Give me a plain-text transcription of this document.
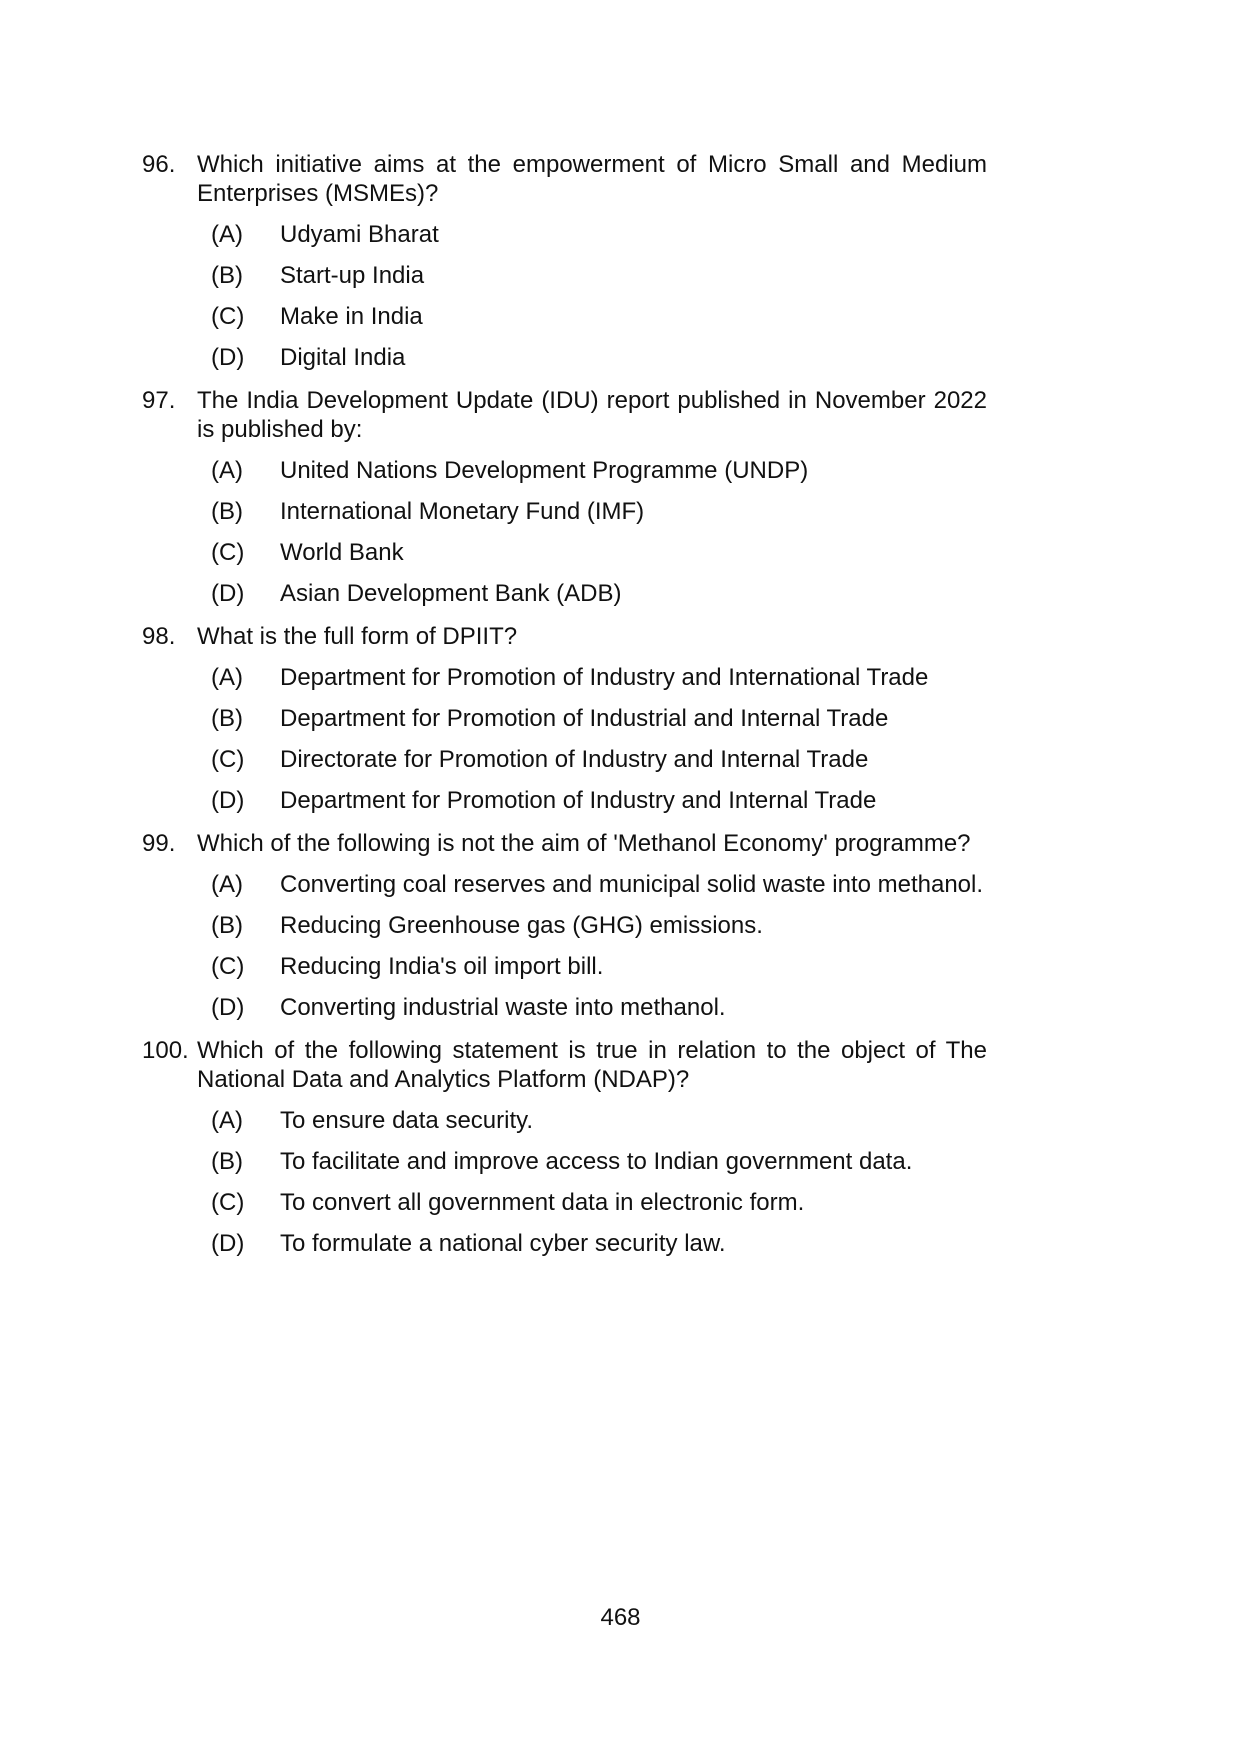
96. Which initiative aims at the empowerment of Micro Small and Medium Enterprises (MSMEs)?
(A)	Udyami Bharat
(B)	Start-up India
(C)	Make in India
(D)	Digital India
97. The India Development Update (IDU) report published in November 2022 is published by:
(A)	United Nations Development Programme (UNDP)
(B)	International Monetary Fund (IMF)
(C)	World Bank
(D)	Asian Development Bank (ADB)
98. What is the full form of DPIIT?
(A)	Department for Promotion of Industry and International Trade
(B)	Department for Promotion of Industrial and Internal Trade
(C)	Directorate for Promotion of Industry and Internal Trade
(D)	Department for Promotion of Industry and Internal Trade
99. Which of the following is not the aim of 'Methanol Economy' programme?
(A)	Converting coal reserves and municipal solid waste into methanol.
(B)	Reducing Greenhouse gas (GHG) emissions.
(C)	Reducing India's oil import bill.
(D)	Converting industrial waste into methanol.
100. Which of the following statement is true in relation to the object of The National Data and Analytics Platform (NDAP)?
(A)	To ensure data security.
(B)	To facilitate and improve access to Indian government data.
(C)	To convert all government data in electronic form.
(D)	To formulate a national cyber security law.
468
